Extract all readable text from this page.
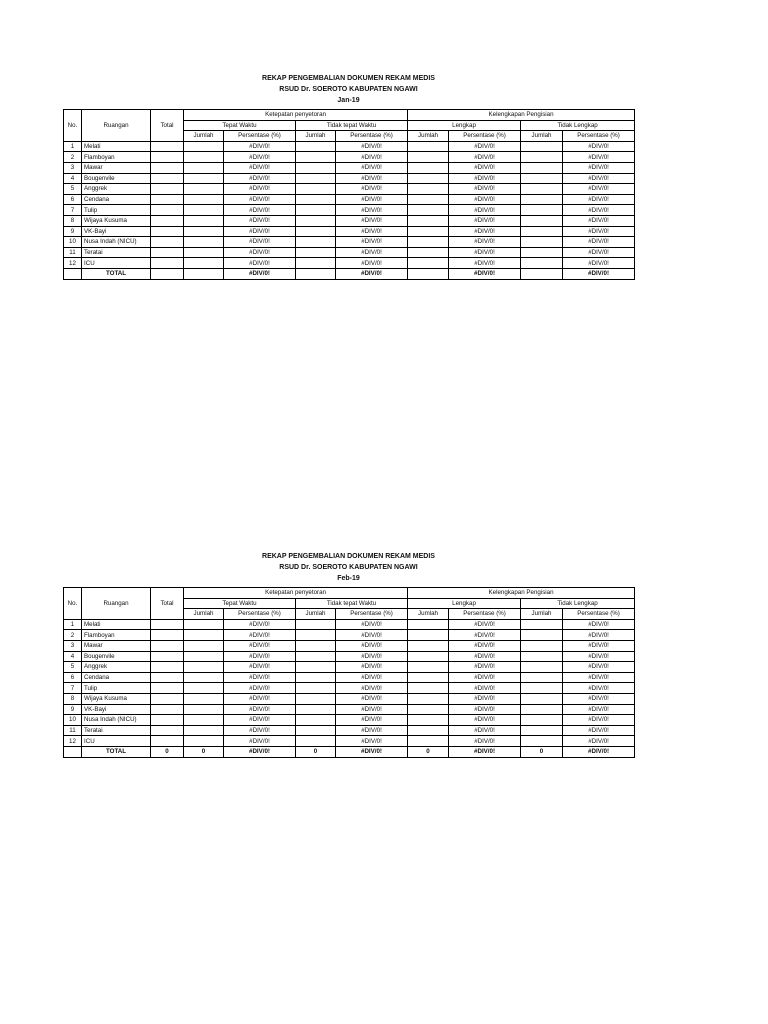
REKAP PENGEMBALIAN DOKUMEN REKAM MEDIS
RSUD Dr. SOEROTO KABUPATEN NGAWI
Jan-19
No.	Ruangan	Total	Ketepatan penyetoran				Kelengkapan Pengisian			
			Tepat Waktu		Tidak tepat Waktu		Lengkap		Tidak Lengkap	
			Jumlah	Persentase (%)	Jumlah	Persentase (%)	Jumlah	Persentase (%)	Jumlah	Persentase (%)
1	Melati			#DIV/0!		#DIV/0!		#DIV/0!		#DIV/0!
2	Flamboyan			#DIV/0!		#DIV/0!		#DIV/0!		#DIV/0!
3	Mawar			#DIV/0!		#DIV/0!		#DIV/0!		#DIV/0!
4	Bougenvile			#DIV/0!		#DIV/0!		#DIV/0!		#DIV/0!
5	Anggrek			#DIV/0!		#DIV/0!		#DIV/0!		#DIV/0!
6	Cendana			#DIV/0!		#DIV/0!		#DIV/0!		#DIV/0!
7	Tulip			#DIV/0!		#DIV/0!		#DIV/0!		#DIV/0!
8	Wijaya Kusuma			#DIV/0!		#DIV/0!		#DIV/0!		#DIV/0!
9	VK-Bayi			#DIV/0!		#DIV/0!		#DIV/0!		#DIV/0!
10	Nusa Indah (NICU)			#DIV/0!		#DIV/0!		#DIV/0!		#DIV/0!
11	Teratai			#DIV/0!		#DIV/0!		#DIV/0!		#DIV/0!
12	ICU			#DIV/0!		#DIV/0!		#DIV/0!		#DIV/0!
	TOTAL			#DIV/0!		#DIV/0!		#DIV/0!		#DIV/0!
REKAP PENGEMBALIAN DOKUMEN REKAM MEDIS
RSUD Dr. SOEROTO KABUPATEN NGAWI
Feb-19
No.	Ruangan	Total	Ketepatan penyetoran				Kelengkapan Pengisian			
			Tepat Waktu		Tidak tepat Waktu		Lengkap		Tidak Lengkap	
			Jumlah	Persentase (%)	Jumlah	Persentase (%)	Jumlah	Persentase (%)	Jumlah	Persentase (%)
1	Melati			#DIV/0!		#DIV/0!		#DIV/0!		#DIV/0!
2	Flamboyan			#DIV/0!		#DIV/0!		#DIV/0!		#DIV/0!
3	Mawar			#DIV/0!		#DIV/0!		#DIV/0!		#DIV/0!
4	Bougenvile			#DIV/0!		#DIV/0!		#DIV/0!		#DIV/0!
5	Anggrek			#DIV/0!		#DIV/0!		#DIV/0!		#DIV/0!
6	Cendana			#DIV/0!		#DIV/0!		#DIV/0!		#DIV/0!
7	Tulip			#DIV/0!		#DIV/0!		#DIV/0!		#DIV/0!
8	Wijaya Kusuma			#DIV/0!		#DIV/0!		#DIV/0!		#DIV/0!
9	VK-Bayi			#DIV/0!		#DIV/0!		#DIV/0!		#DIV/0!
10	Nusa Indah (NICU)			#DIV/0!		#DIV/0!		#DIV/0!		#DIV/0!
11	Teratai			#DIV/0!		#DIV/0!		#DIV/0!		#DIV/0!
12	ICU			#DIV/0!		#DIV/0!		#DIV/0!		#DIV/0!
	TOTAL	0	0	#DIV/0!	0	#DIV/0!	0	#DIV/0!	0	#DIV/0!
